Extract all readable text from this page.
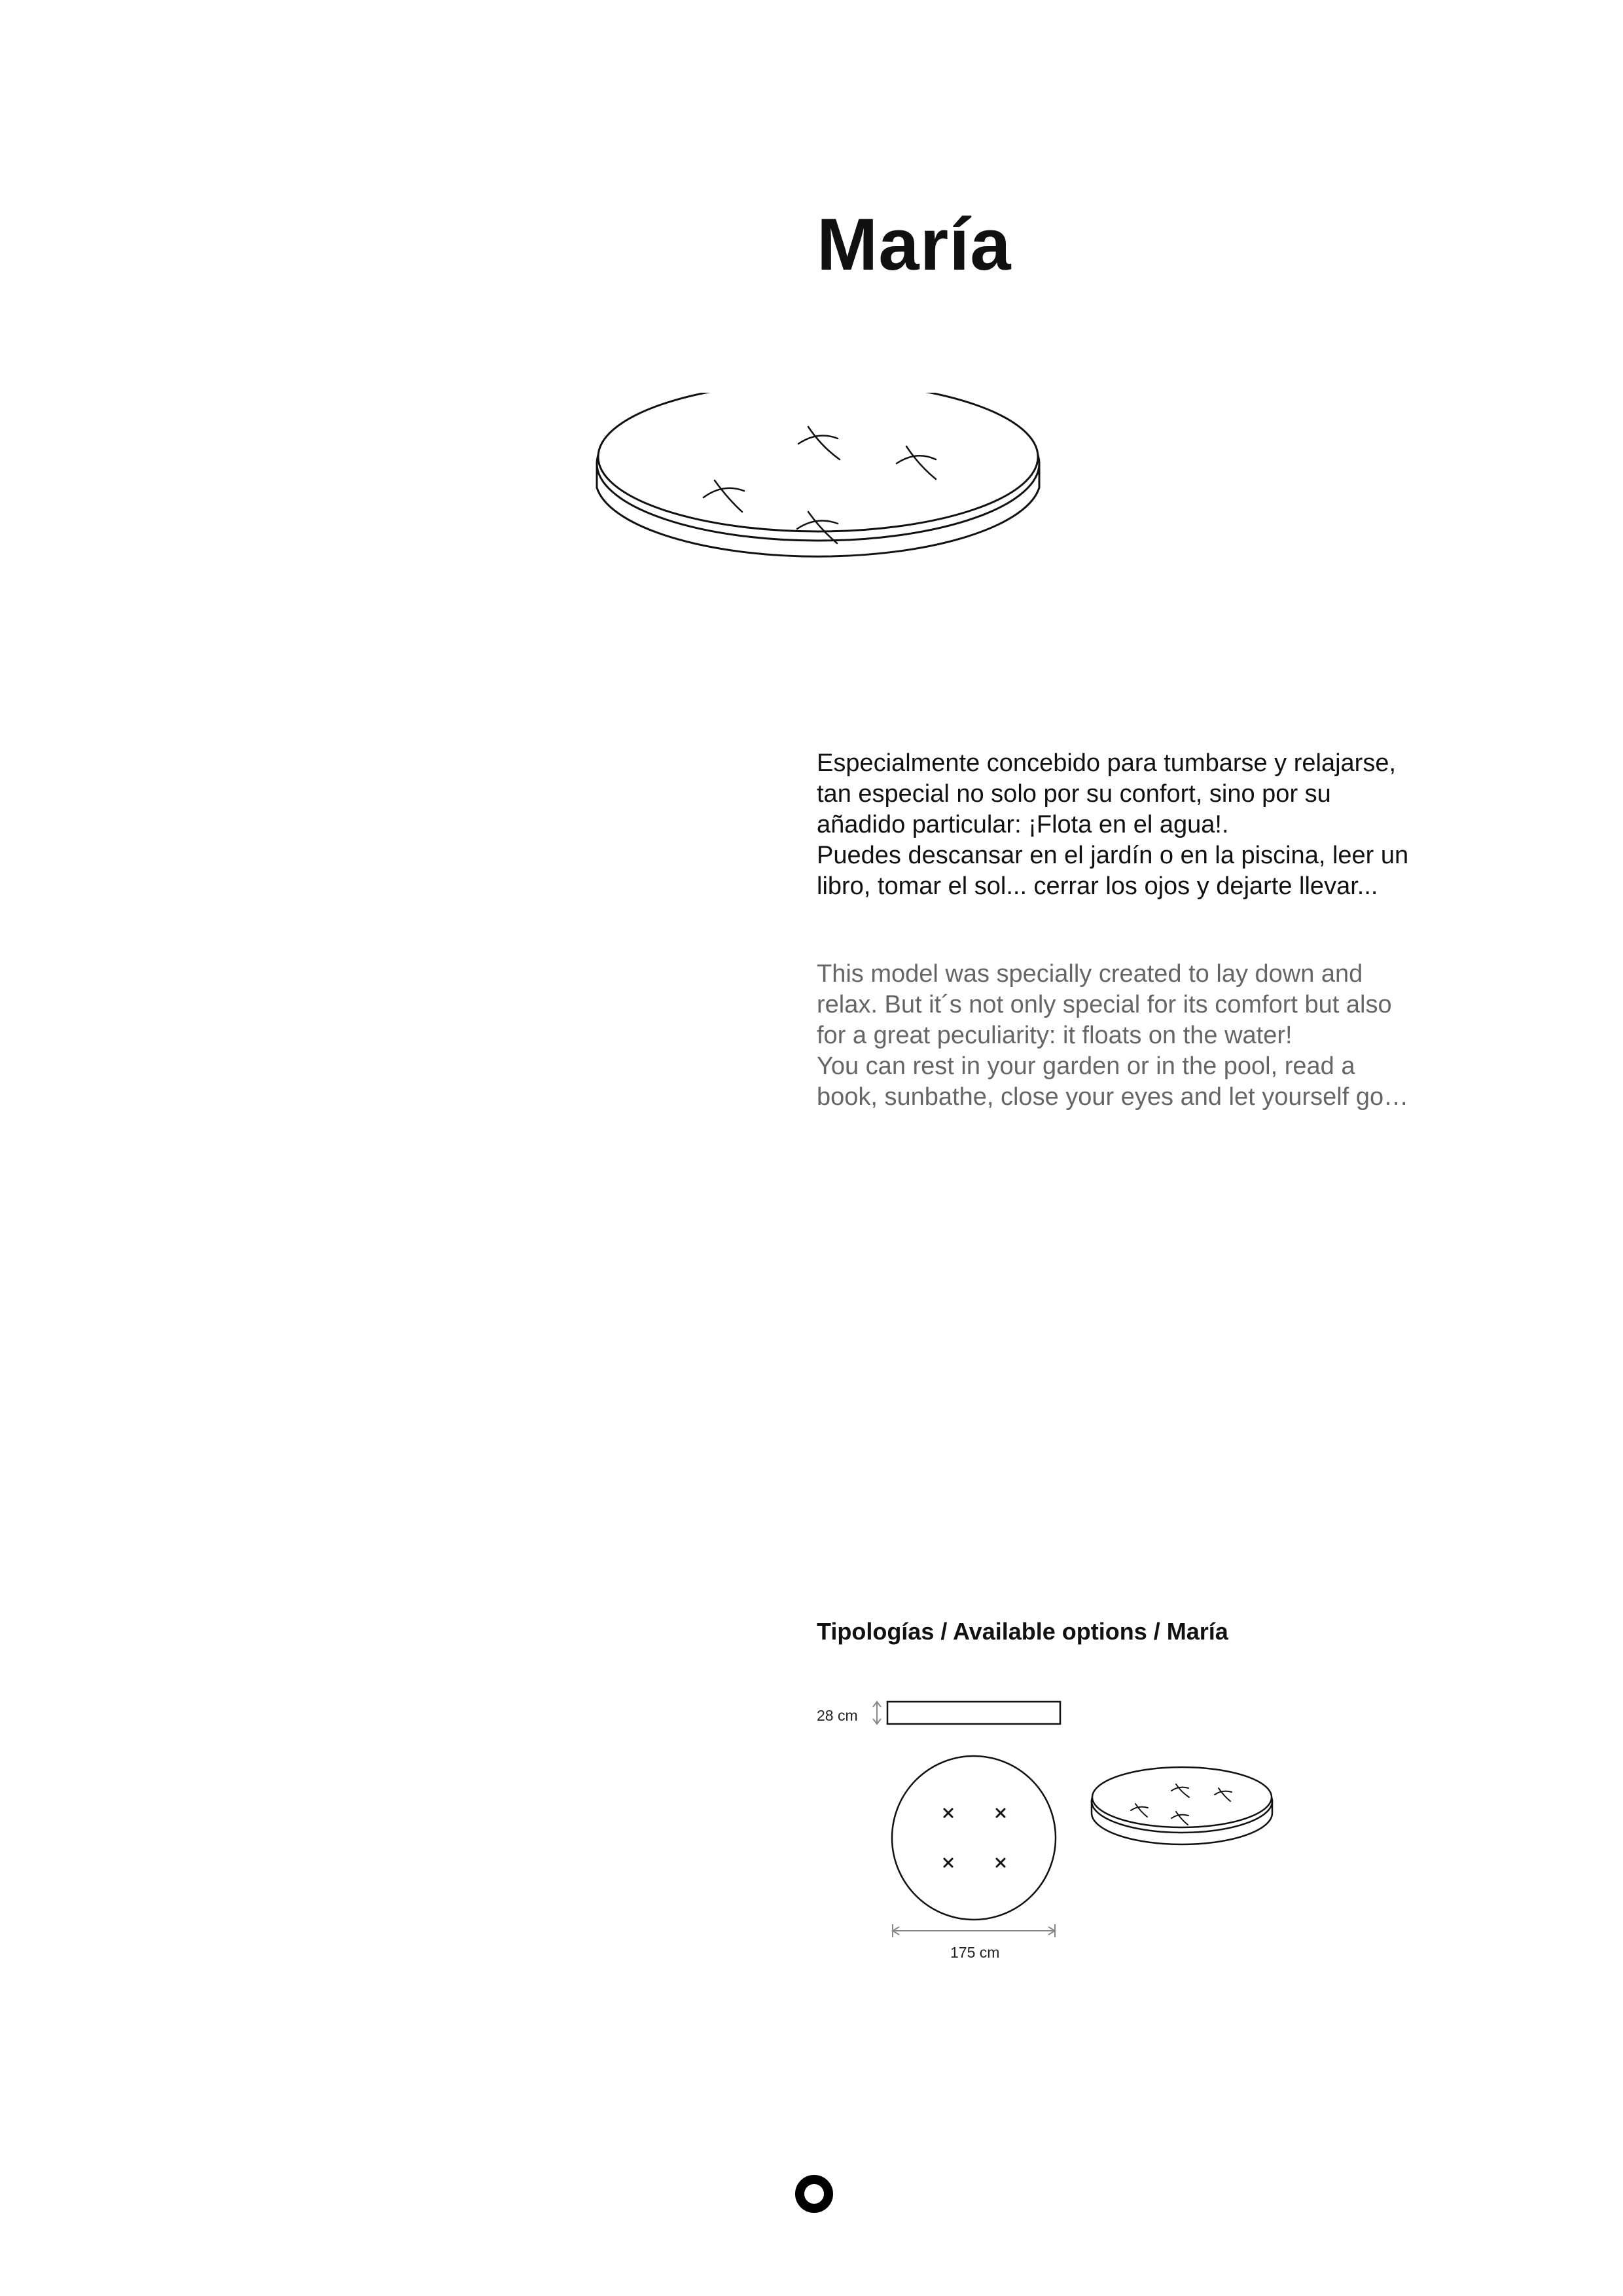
María

Especialmente concebido para tumbarse y relajarse,

tan especial no solo por su confort, sino por su

añadido particular: ¡Flota en el agua!.

Puedes descansar en el jardín o en la piscina, leer un

libro, tomar el sol... cerrar los ojos y dejarte llevar...

This model was specially created to lay down and

relax. But it´s not only special for its comfort but also

for a great peculiarity: it floats on the water!

You can rest in your garden or in the pool, read a

book, sunbathe, close your eyes and let yourself go…

Tipologías / Available options / María
28 cm
175 cm
